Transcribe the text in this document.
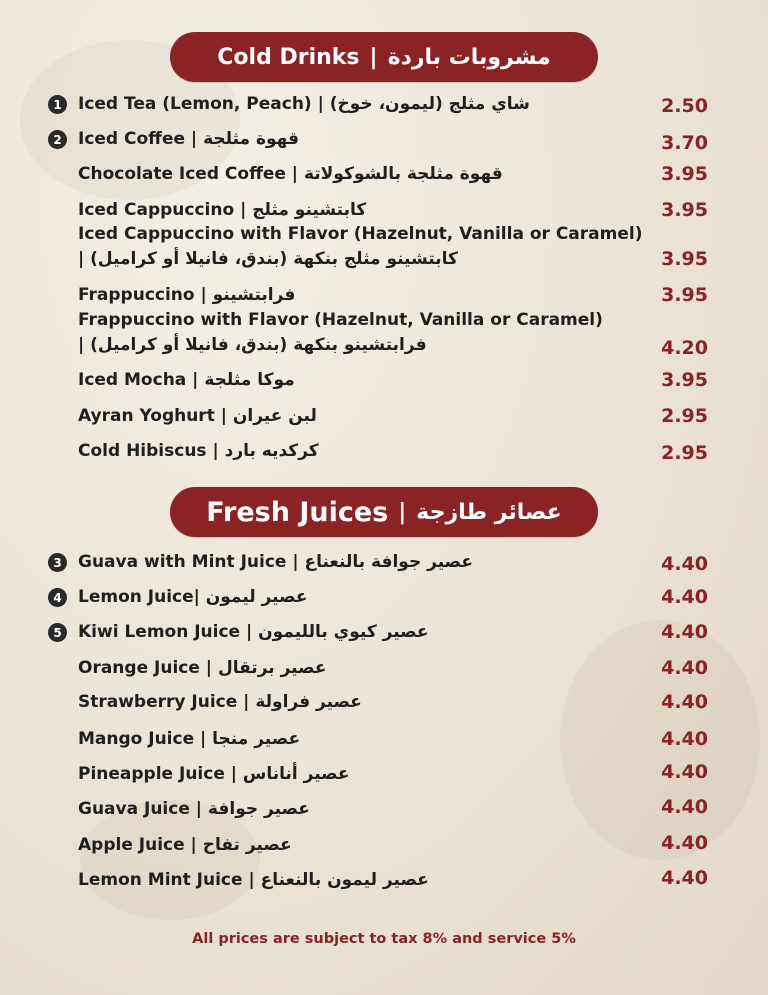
Cold Drinks | مشروبات باردة
1 Iced Tea (Lemon, Peach) | شاي مثلج (ليمون، خوخ)	2.50
2 Iced Coffee | قهوة مثلجة	3.70
Chocolate Iced Coffee | قهوة مثلجة بالشوكولاتة	3.95
Iced Cappuccino | كابتشينو مثلج	3.95
Iced Cappuccino with Flavor (Hazelnut, Vanilla or Caramel)
| كابتشينو مثلج بنكهة (بندق، فانيلا أو كراميل)	3.95
Frappuccino | فرابتشينو	3.95
Frappuccino with Flavor (Hazelnut, Vanilla or Caramel)
| فرابتشينو بنكهة (بندق، فانيلا أو كراميل)	4.20
Iced Mocha | موكا مثلجة	3.95
Ayran Yoghurt | لبن عيران	2.95
Cold Hibiscus | كركديه بارد	2.95
Fresh Juices | عصائر طازجة
3 Guava with Mint Juice | عصير جوافة بالنعناع	4.40
4 Lemon Juice| عصير ليمون	4.40
5 Kiwi Lemon Juice | عصير كيوي بالليمون	4.40
Orange Juice | عصير برتقال	4.40
Strawberry Juice | عصير فراولة	4.40
Mango Juice | عصير منجا	4.40
Pineapple Juice | عصير أناناس	4.40
Guava Juice | عصير جوافة	4.40
Apple Juice | عصير تفاح	4.40
Lemon Mint Juice | عصير ليمون بالنعناع	4.40
All prices are subject to tax 8% and service 5%
